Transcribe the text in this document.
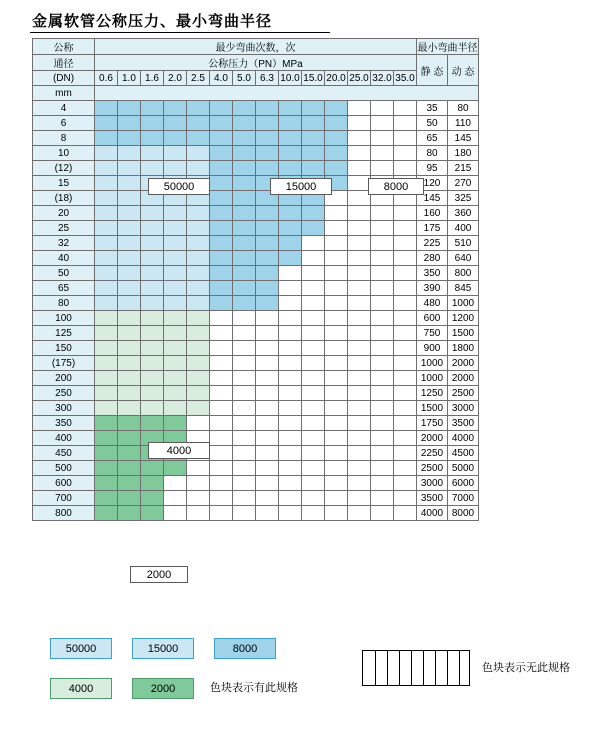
金属软管公称压力、最小弯曲半径
公称	最少弯曲次数，次														最小弯曲半径	
通径	公称压力（PN）MPa														静 态	动 态
(DN)	0.6	1.0	1.6	2.0	2.5	4.0	5.0	6.3	10.0	15.0	20.0	25.0	32.0	35.0		
mm																
4															35	80
6															50	110
8															65	145
10															80	180
(12)															95	215
15															120	270
(18)															145	325
20															160	360
25															175	400
32															225	510
40															280	640
50															350	800
65															390	845
80															480	1000
100															600	1200
125															750	1500
150															900	1800
(175)															1000	2000
200															1000	2000
250															1250	2500
300															1500	3000
350															1750	3500
400															2000	4000
450															2250	4500
500															2500	5000
600															3000	6000
700															3500	7000
800															4000	8000
50000	15000	8000
4000
2000
50000	15000	8000
4000	2000	色块表示有此规格
色块表示无此规格
